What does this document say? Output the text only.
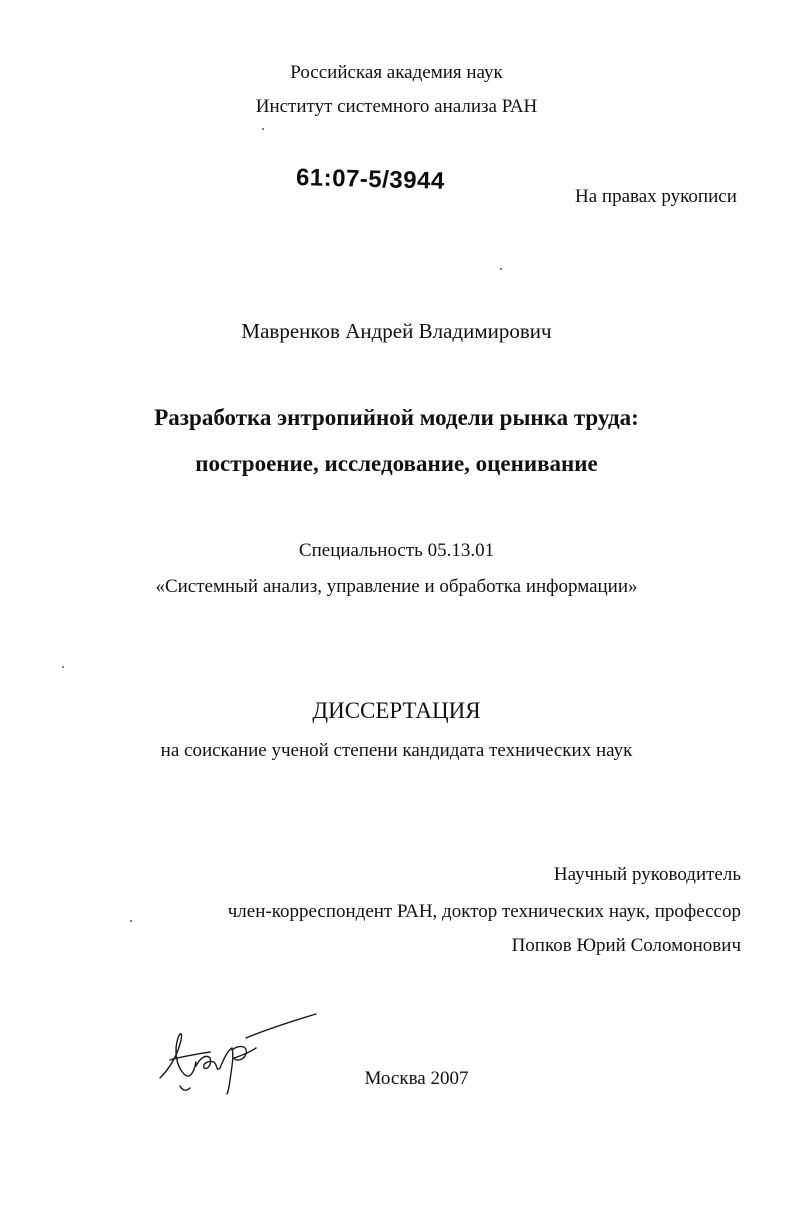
Российская академия наук
Институт системного анализа РАН
61:07-5/3944
На правах рукописи
Мавренков Андрей Владимирович
Разработка энтропийной модели рынка труда:
построение, исследование, оценивание
Специальность 05.13.01
«Системный анализ, управление и обработка информации»
ДИССЕРТАЦИЯ
на соискание ученой степени кандидата технических наук
Научный руководитель
член-корреспондент РАН, доктор технических наук, профессор
Попков Юрий Соломонович
Москва 2007
